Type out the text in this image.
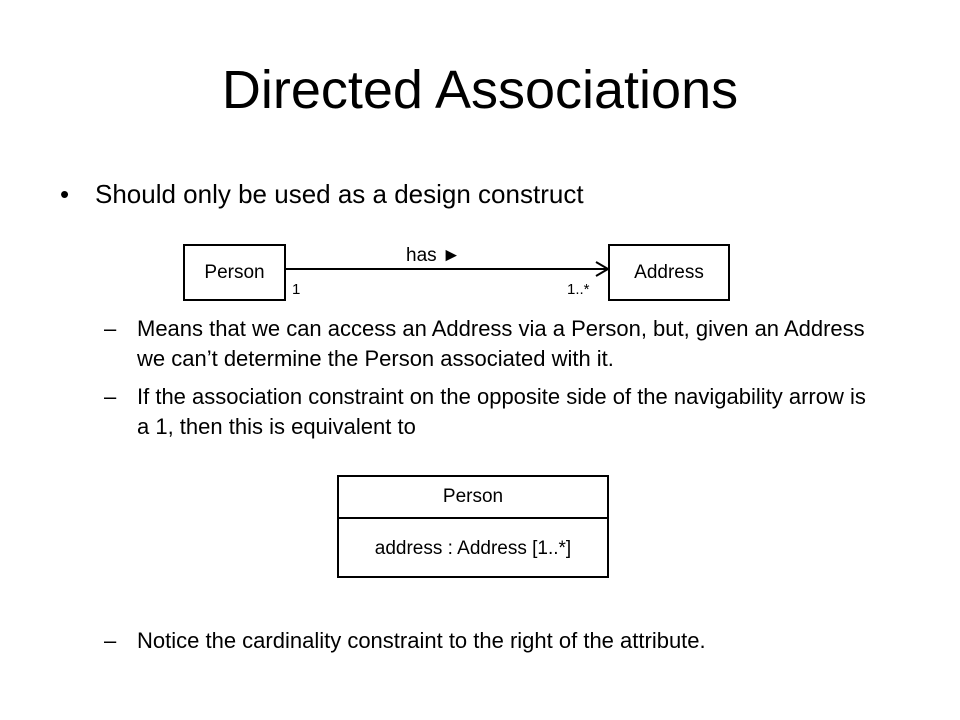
Directed Associations
• Should only be used as a design construct
Person	Address
has ►
1	1..*
– Means that we can access an Address via a Person, but, given an Address we can’t determine the Person associated with it.
– If the association constraint on the opposite side of the navigability arrow is a 1, then this is equivalent to
Person
address : Address [1..*]
– Notice the cardinality constraint to the right of the attribute.
